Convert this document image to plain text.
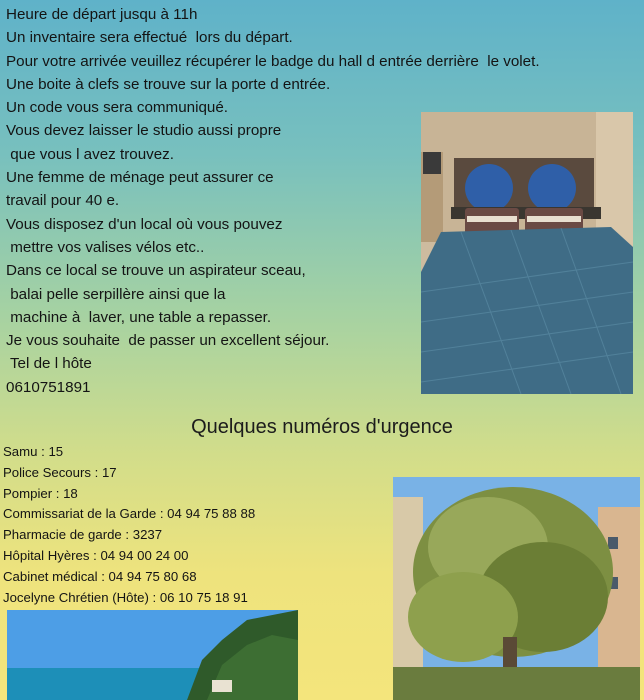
Heure de départ jusqu à 11h
Un inventaire sera effectué  lors du départ.
Pour votre arrivée veuillez récupérer le badge du hall d entrée derrière  le volet.
Une boite à clefs se trouve sur la porte d entrée.
Un code vous sera communiqué.
Vous devez laisser le studio aussi propre
que vous l avez trouvez.
Une femme de ménage peut assurer ce
travail pour 40 e.
Vous disposez d'un local où vous pouvez
mettre vos valises vélos etc..
Dans ce local se trouve un aspirateur sceau,
balai pelle serpillère ainsi que la
machine à  laver, une table a repasser.
Je vous souhaite  de passer un excellent séjour.
Tel de l hôte
0610751891
Quelques numéros d'urgence
Samu : 15
Police Secours : 17
Pompier : 18
Commissariat de la Garde : 04 94 75 88 88
Pharmacie de garde : 3237
Hôpital Hyères : 04 94 00 24 00
Cabinet médical : 04 94 75 80 68
Jocelyne Chrétien (Hôte) : 06 10 75 18 91
